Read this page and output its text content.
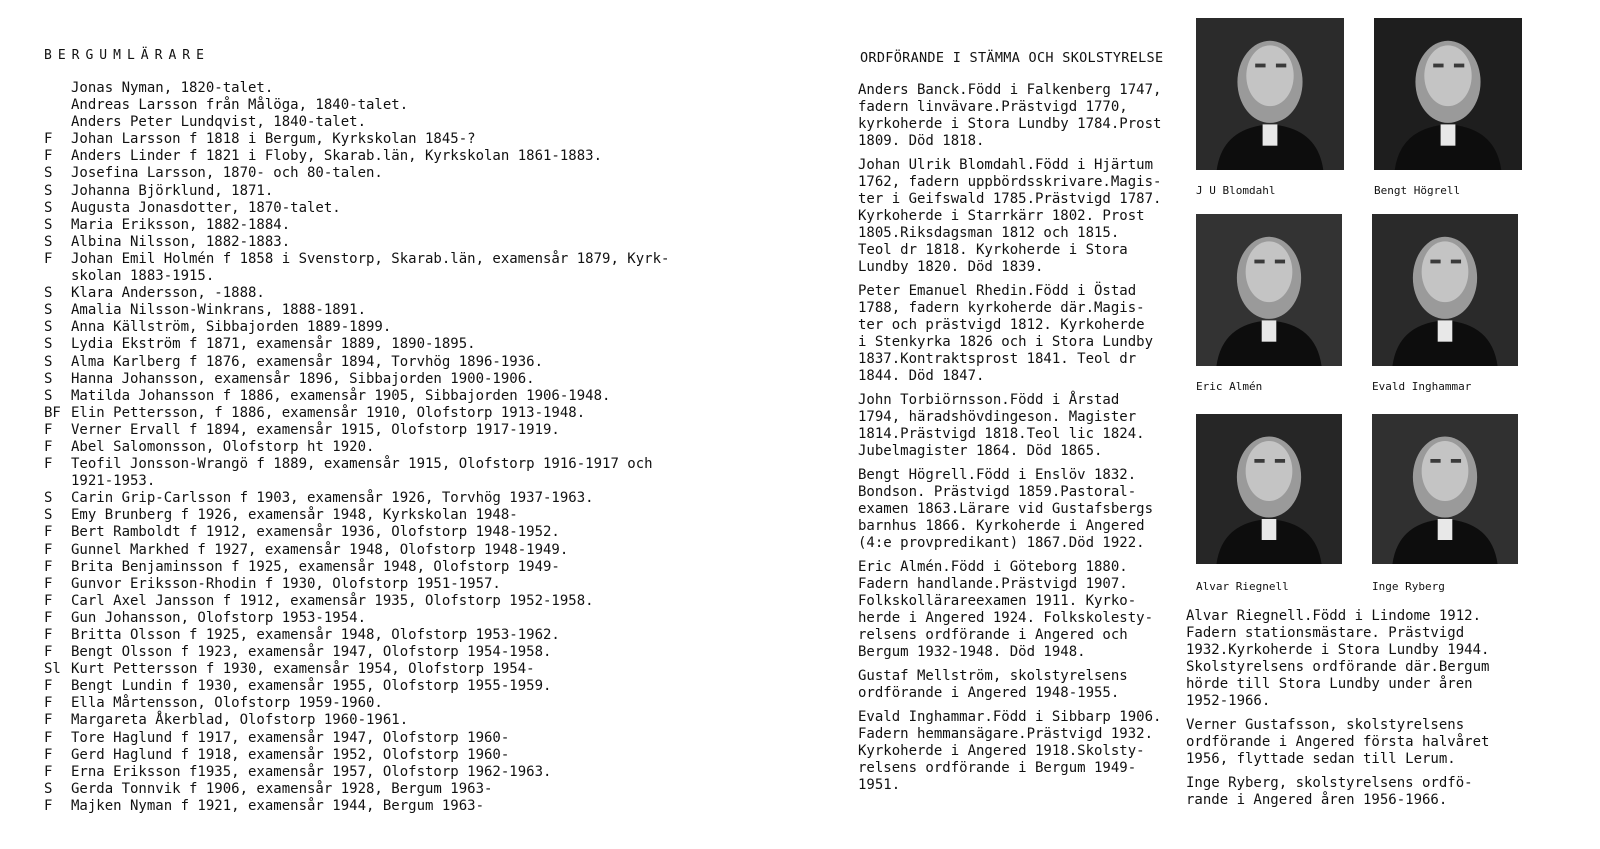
BERGUMLÄRARE
Jonas Nyman, 1820-talet.
Andreas Larsson från Målöga, 1840-talet.
Anders Peter Lundqvist, 1840-talet.
F	Johan Larsson f 1818 i Bergum, Kyrkskolan 1845-?
F	Anders Linder f 1821 i Floby, Skarab.län, Kyrkskolan 1861-1883.
S	Josefina Larsson, 1870- och 80-talen.
S	Johanna Björklund, 1871.
S	Augusta Jonasdotter, 1870-talet.
S	Maria Eriksson, 1882-1884.
S	Albina Nilsson, 1882-1883.
F	Johan Emil Holmén f 1858 i Svenstorp, Skarab.län, examensår 1879, Kyrk-
skolan 1883-1915.
S	Klara Andersson, -1888.
S	Amalia Nilsson-Winkrans, 1888-1891.
S	Anna Källström, Sibbajorden 1889-1899.
S	Lydia Ekström f 1871, examensår 1889, 1890-1895.
S	Alma Karlberg f 1876, examensår 1894, Torvhög 1896-1936.
S	Hanna Johansson, examensår 1896, Sibbajorden 1900-1906.
S	Matilda Johansson f 1886, examensår 1905, Sibbajorden 1906-1948.
BF Elin Pettersson, f 1886, examensår 1910, Olofstorp 1913-1948.
F	Verner Ervall f 1894, examensår 1915, Olofstorp 1917-1919.
F	Abel Salomonsson, Olofstorp ht 1920.
F	Teofil Jonsson-Wrangö f 1889, examensår 1915, Olofstorp 1916-1917 och
1921-1953.
S	Carin Grip-Carlsson f 1903, examensår 1926, Torvhög 1937-1963.
S	Emy Brunberg f 1926, examensår 1948, Kyrkskolan 1948-
F	Bert Ramboldt f 1912, examensår 1936, Olofstorp 1948-1952.
F	Gunnel Markhed f 1927, examensår 1948, Olofstorp 1948-1949.
F	Brita Benjaminsson f 1925, examensår 1948, Olofstorp 1949-
F	Gunvor Eriksson-Rhodin f 1930, Olofstorp 1951-1957.
F	Carl Axel Jansson f 1912, examensår 1935, Olofstorp 1952-1958.
F	Gun Johansson, Olofstorp 1953-1954.
F	Britta Olsson f 1925, examensår 1948, Olofstorp 1953-1962.
F	Bengt Olsson f 1923, examensår 1947, Olofstorp 1954-1958.
Sl Kurt Pettersson f 1930, examensår 1954, Olofstorp 1954-
F	Bengt Lundin f 1930, examensår 1955, Olofstorp 1955-1959.
F	Ella Mårtensson, Olofstorp 1959-1960.
F	Margareta Åkerblad, Olofstorp 1960-1961.
F	Tore Haglund f 1917, examensår 1947, Olofstorp 1960-
F	Gerd Haglund f 1918, examensår 1952, Olofstorp 1960-
F	Erna Eriksson f1935, examensår 1957, Olofstorp 1962-1963.
S	Gerda Tonnvik f 1906, examensår 1928, Bergum 1963-
F	Majken Nyman f 1921, examensår 1944, Bergum 1963-
ORDFÖRANDE I STÄMMA OCH SKOLSTYRELSE
Anders Banck.Född i Falkenberg 1747,
fadern linvävare.Prästvigd 1770,
kyrkoherde i Stora Lundby 1784.Prost
1809. Död 1818.
Johan Ulrik Blomdahl.Född i Hjärtum
1762, fadern uppbördsskrivare.Magis-
ter i Geifswald 1785.Prästvigd 1787.
Kyrkoherde i Starrkärr 1802. Prost
1805.Riksdagsman 1812 och 1815.
Teol dr 1818. Kyrkoherde i Stora
Lundby 1820. Död 1839.
Peter Emanuel Rhedin.Född i Östad
1788, fadern kyrkoherde där.Magis-
ter och prästvigd 1812. Kyrkoherde
i Stenkyrka 1826 och i Stora Lundby
1837.Kontraktsprost 1841. Teol dr
1844. Död 1847.
John Torbiörnsson.Född i Årstad
1794, häradshövdingeson. Magister
1814.Prästvigd 1818.Teol lic 1824.
Jubelmagister 1864. Död 1865.
Bengt Högrell.Född i Enslöv 1832.
Bondson. Prästvigd 1859.Pastoral-
examen 1863.Lärare vid Gustafsbergs
barnhus 1866. Kyrkoherde i Angered
(4:e provpredikant) 1867.Död 1922.
Eric Almén.Född i Göteborg 1880.
Fadern handlande.Prästvigd 1907.
Folkskollärareexamen 1911. Kyrko-
herde i Angered 1924. Folkskolesty-
relsens ordförande i Angered och
Bergum 1932-1948. Död 1948.
Gustaf Mellström, skolstyrelsens
ordförande i Angered 1948-1955.
Evald Inghammar.Född i Sibbarp 1906.
Fadern hemmansägare.Prästvigd 1932.
Kyrkoherde i Angered 1918.Skolsty-
relsens ordförande i Bergum 1949-
1951.
J U Blomdahl	Bengt Högrell
Eric Almén	Evald Inghammar
Alvar Riegnell	Inge Ryberg
Alvar Riegnell.Född i Lindome 1912.
Fadern stationsmästare. Prästvigd
1932.Kyrkoherde i Stora Lundby 1944.
Skolstyrelsens ordförande där.Bergum
hörde till Stora Lundby under åren
1952-1966.
Verner Gustafsson, skolstyrelsens
ordförande i Angered första halvåret
1956, flyttade sedan till Lerum.
Inge Ryberg, skolstyrelsens ordfö-
rande i Angered åren 1956-1966.
